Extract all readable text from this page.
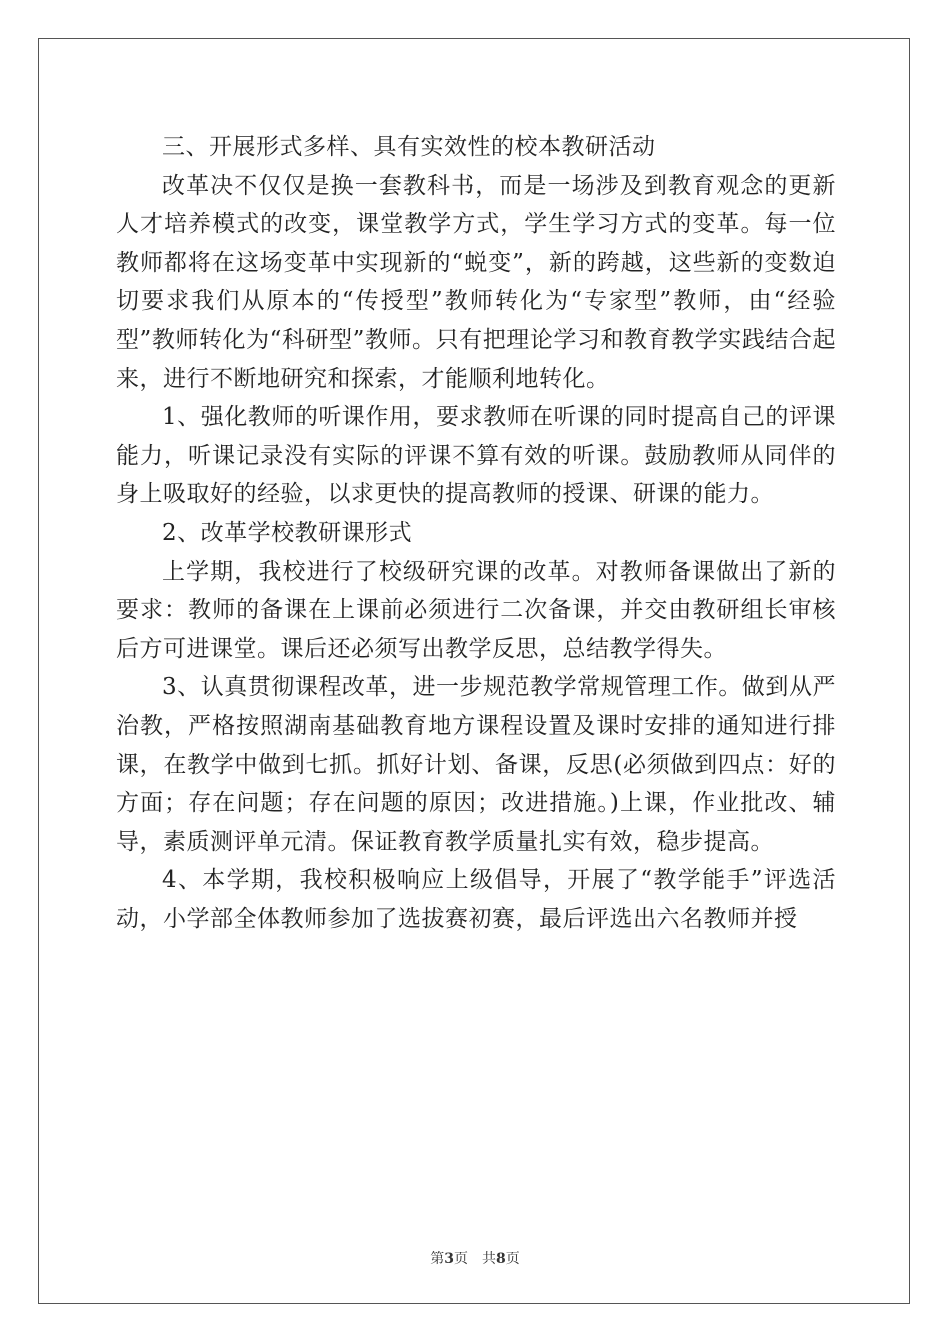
三、开展形式多样、具有实效性的校本教研活动

改革决不仅仅是换一套教科书，而是一场涉及到教育观念的更新人才培养模式的改变，课堂教学方式，学生学习方式的变革。每一位教师都将在这场变革中实现新的“蜕变”，新的跨越，这些新的变数迫切要求我们从原本的“传授型”教师转化为“专家型”教师，由“经验型”教师转化为“科研型”教师。只有把理论学习和教育教学实践结合起来，进行不断地研究和探索，才能顺利地转化。

1、强化教师的听课作用，要求教师在听课的同时提高自己的评课能力，听课记录没有实际的评课不算有效的听课。鼓励教师从同伴的身上吸取好的经验，以求更快的提高教师的授课、研课的能力。

2、改革学校教研课形式

上学期，我校进行了校级研究课的改革。对教师备课做出了新的要求：教师的备课在上课前必须进行二次备课，并交由教研组长审核后方可进课堂。课后还必须写出教学反思，总结教学得失。

3、认真贯彻课程改革，进一步规范教学常规管理工作。做到从严治教，严格按照湖南基础教育地方课程设置及课时安排的通知进行排课，在教学中做到七抓。抓好计划、备课，反思(必须做到四点：好的方面；存在问题；存在问题的原因；改进措施。)上课，作业批改、辅导，素质测评单元清。保证教育教学质量扎实有效，稳步提高。

4、本学期，我校积极响应上级倡导，开展了“教学能手”评选活动，小学部全体教师参加了选拔赛初赛，最后评选出六名教师并授

第3页　共8页
